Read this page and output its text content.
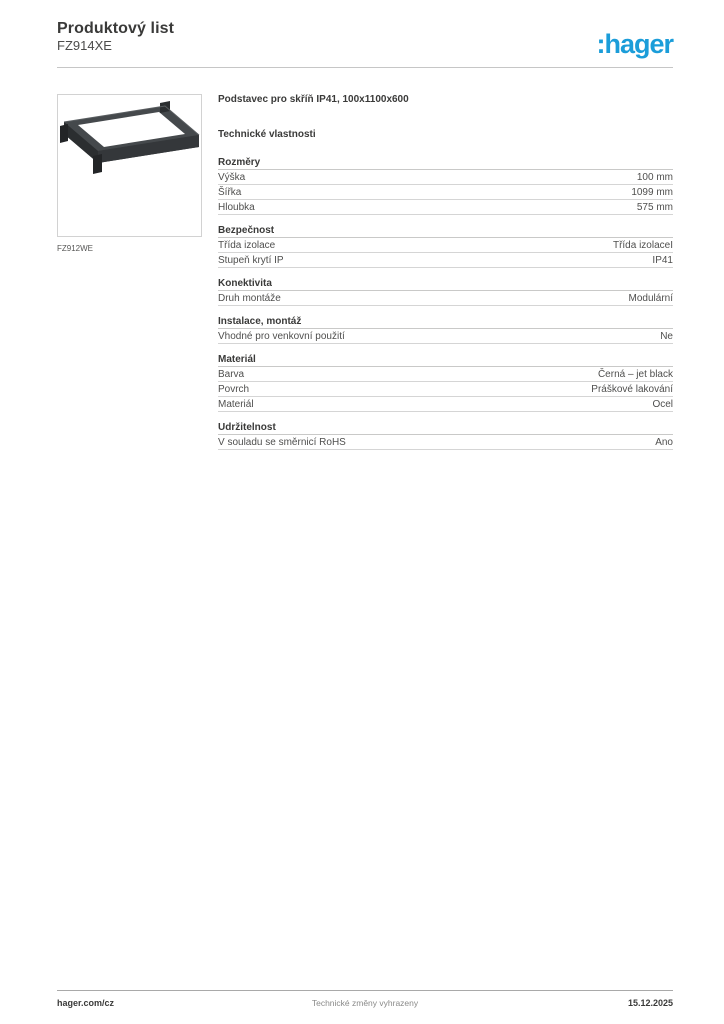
Produktový list
FZ914XE	:hager
FZ912WE
Podstavec pro skříň IP41, 100x1100x600
Technické vlastnosti
Rozměry
Výška	100 mm
Šířka	1099 mm
Hloubka	575 mm
Bezpečnost
Třída izolace	Třída izolaceI
Stupeň krytí IP	IP41
Konektivita
Druh montáže	Modulární
Instalace, montáž
Vhodné pro venkovní použití	Ne
Materiál
Barva	Černá – jet black
Povrch	Práškové lakování
Materiál	Ocel
Udržitelnost
V souladu se směrnicí RoHS	Ano
hager.com/cz	Technické změny vyhrazeny	15.12.2025
